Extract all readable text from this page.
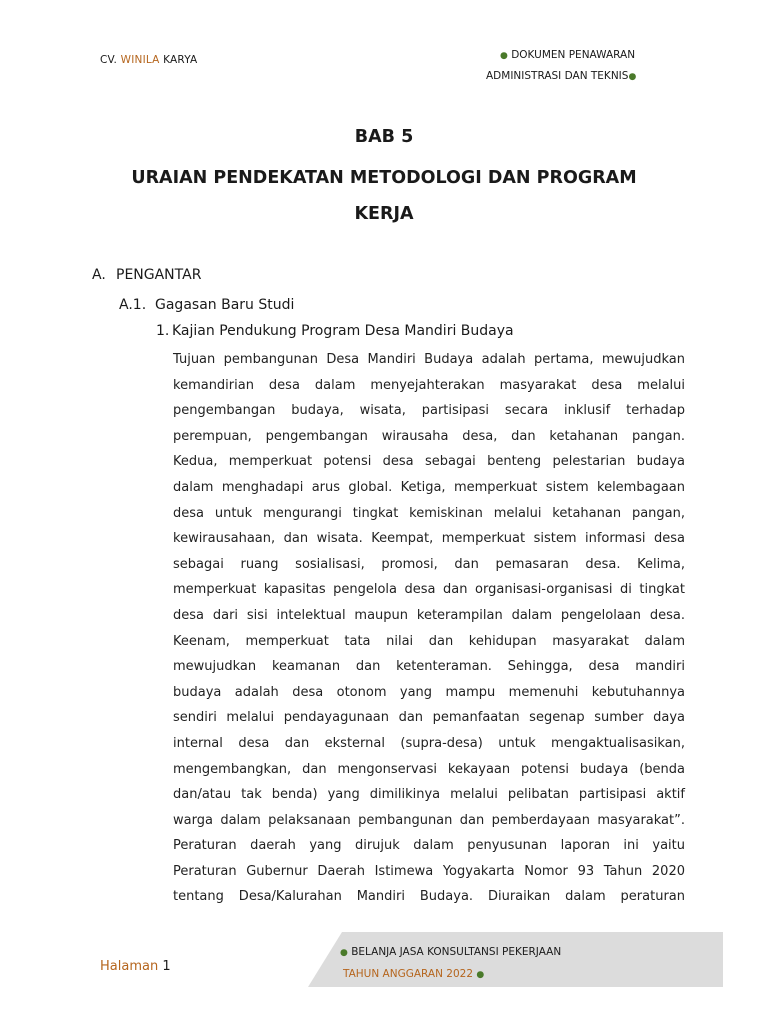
CV. WINILA KARYA	● DOKUMEN PENAWARAN
ADMINISTRASI DAN TEKNIS●
BAB 5
URAIAN PENDEKATAN METODOLOGI DAN PROGRAM
KERJA
A. PENGANTAR
A.1. Gagasan Baru Studi
1. Kajian Pendukung Program Desa Mandiri Budaya
Tujuan pembangunan Desa Mandiri Budaya adalah pertama, mewujudkan
kemandirian desa dalam menyejahterakan masyarakat desa melalui
pengembangan budaya, wisata, partisipasi secara inklusif terhadap
perempuan, pengembangan wirausaha desa, dan ketahanan pangan.
Kedua, memperkuat potensi desa sebagai benteng pelestarian budaya
dalam menghadapi arus global. Ketiga, memperkuat sistem kelembagaan
desa untuk mengurangi tingkat kemiskinan melalui ketahanan pangan,
kewirausahaan, dan wisata. Keempat, memperkuat sistem informasi desa
sebagai ruang sosialisasi, promosi, dan pemasaran desa. Kelima,
memperkuat kapasitas pengelola desa dan organisasi-organisasi di tingkat
desa dari sisi intelektual maupun keterampilan dalam pengelolaan desa.
Keenam, memperkuat tata nilai dan kehidupan masyarakat dalam
mewujudkan keamanan dan ketenteraman. Sehingga, desa mandiri
budaya adalah desa otonom yang mampu memenuhi kebutuhannya
sendiri melalui pendayagunaan dan pemanfaatan segenap sumber daya
internal desa dan eksternal (supra-desa) untuk mengaktualisasikan,
mengembangkan, dan mengonservasi kekayaan potensi budaya (benda
dan/atau tak benda) yang dimilikinya melalui pelibatan partisipasi aktif
warga dalam pelaksanaan pembangunan dan pemberdayaan masyarakat”.
Peraturan daerah yang dirujuk dalam penyusunan laporan ini yaitu
Peraturan Gubernur Daerah Istimewa Yogyakarta Nomor 93 Tahun 2020
tentang Desa/Kalurahan Mandiri Budaya. Diuraikan dalam peraturan
● BELANJA JASA KONSULTANSI PEKERJAAN
TAHUN ANGGARAN 2022 ●
Halaman 1
